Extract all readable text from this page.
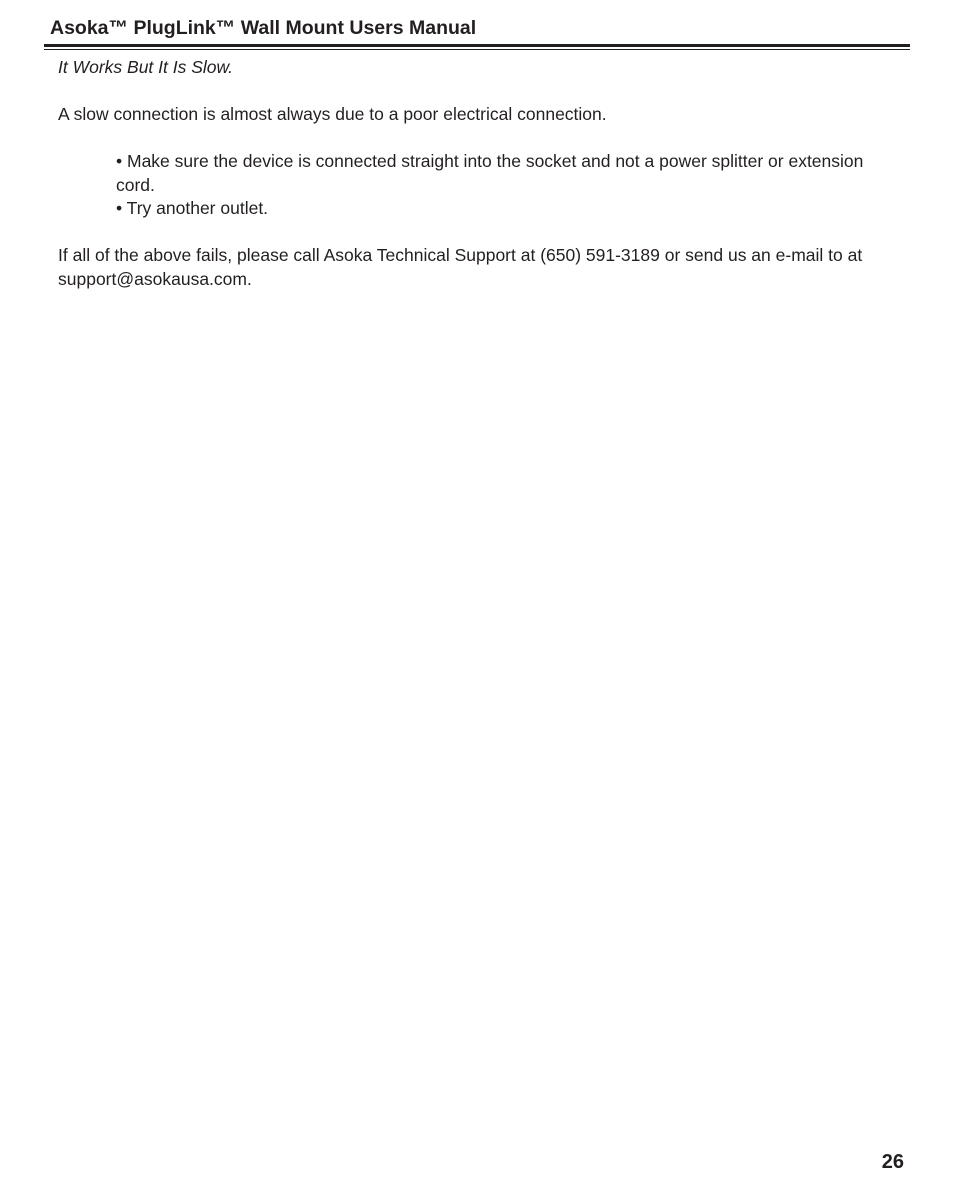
Asoka™ PlugLink™ Wall Mount Users Manual

It Works But It Is Slow.

A slow connection is almost always due to a poor electrical connection.

• Make sure the device is connected straight into the socket and not a power splitter or extension cord.
• Try another outlet.

If all of the above fails, please call Asoka Technical Support at (650) 591-3189 or send us an e-mail to at support@asokausa.com.

26
